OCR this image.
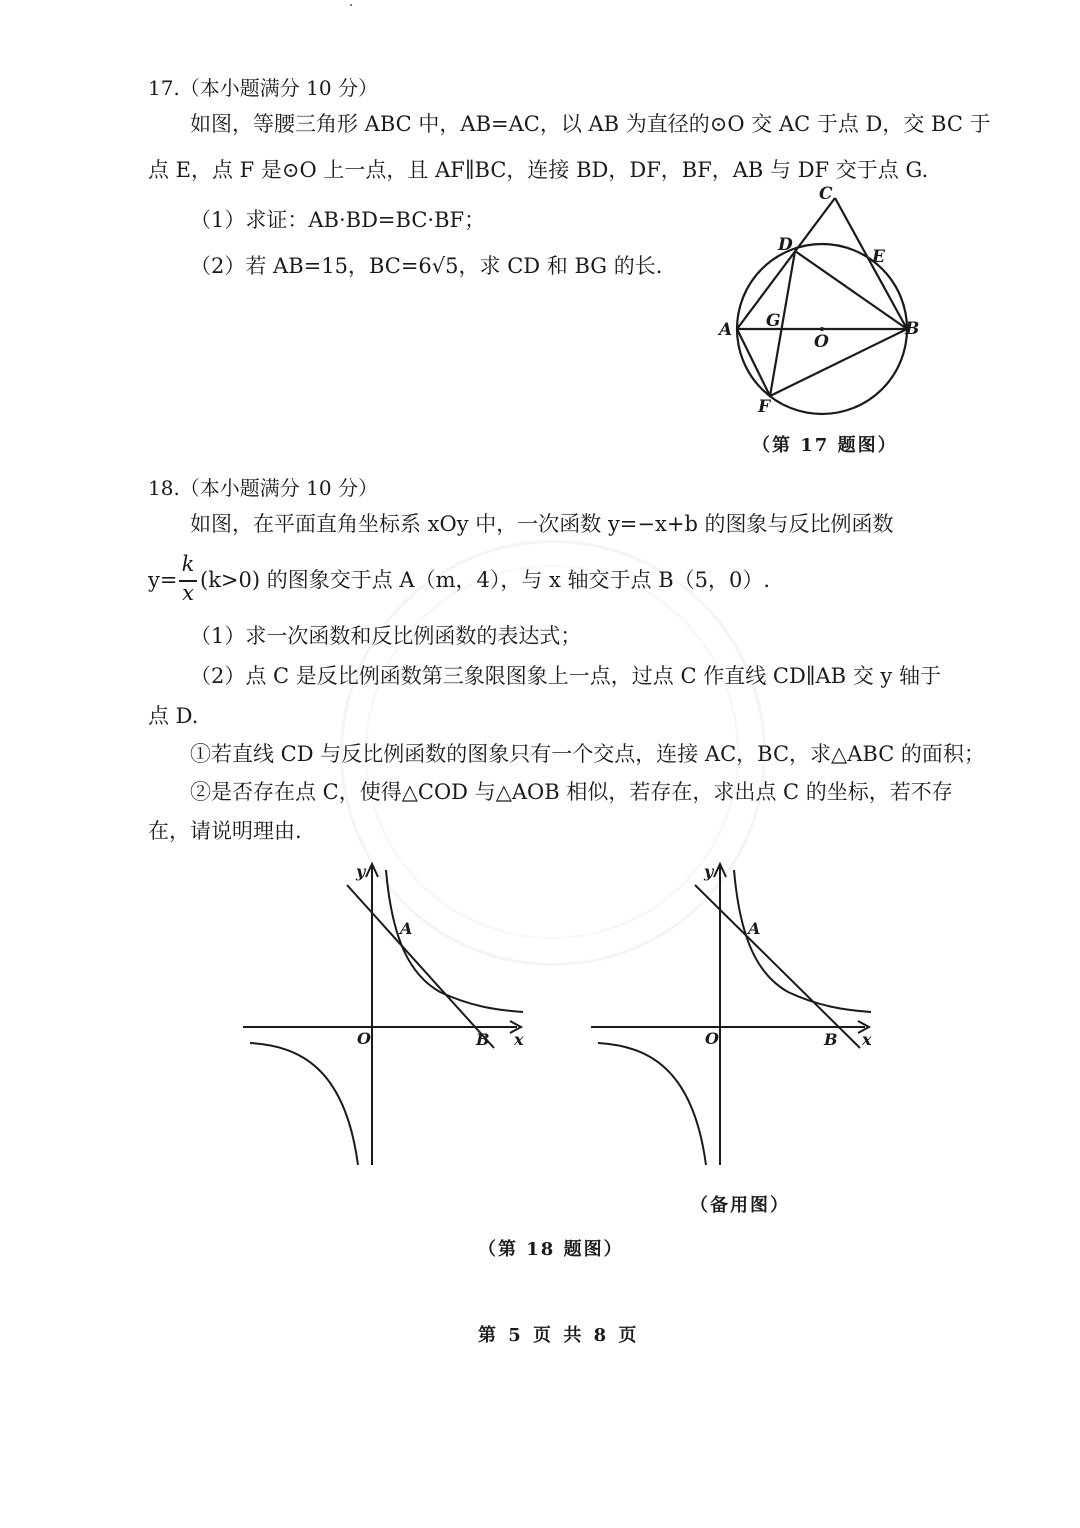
17.（本小题满分 10 分）
如图，等腰三角形 ABC 中，AB=AC，以 AB 为直径的⊙O 交 AC 于点 D，交 BC 于
点 E，点 F 是⊙O 上一点，且 AF∥BC，连接 BD，DF，BF，AB 与 DF 交于点 G.
（1）求证：AB·BD=BC·BF；
（2）若 AB=15，BC=6√5，求 CD 和 BG 的长.
C
D
E
A G
O
B
F
（第 17 题图）
18.（本小题满分 10 分）
如图，在平面直角坐标系 xOy 中，一次函数 y=−x+b 的图象与反比例函数
y=
k
x
(k>0) 的图象交于点 A（m，4），与 x 轴交于点 B（5，0）.
（1）求一次函数和反比例函数的表达式；
（2）点 C 是反比例函数第三象限图象上一点，过点 C 作直线 CD∥AB 交 y 轴于
点 D.
①若直线 CD 与反比例函数的图象只有一个交点，连接 AC，BC，求△ABC 的面积；
②是否存在点 C，使得△COD 与△AOB 相似，若存在，求出点 C 的坐标，若不存
在，请说明理由.
y
x
O
A
B
y
x
O
A
B
（备用图）
（第 18 题图）
第 5 页 共 8 页
